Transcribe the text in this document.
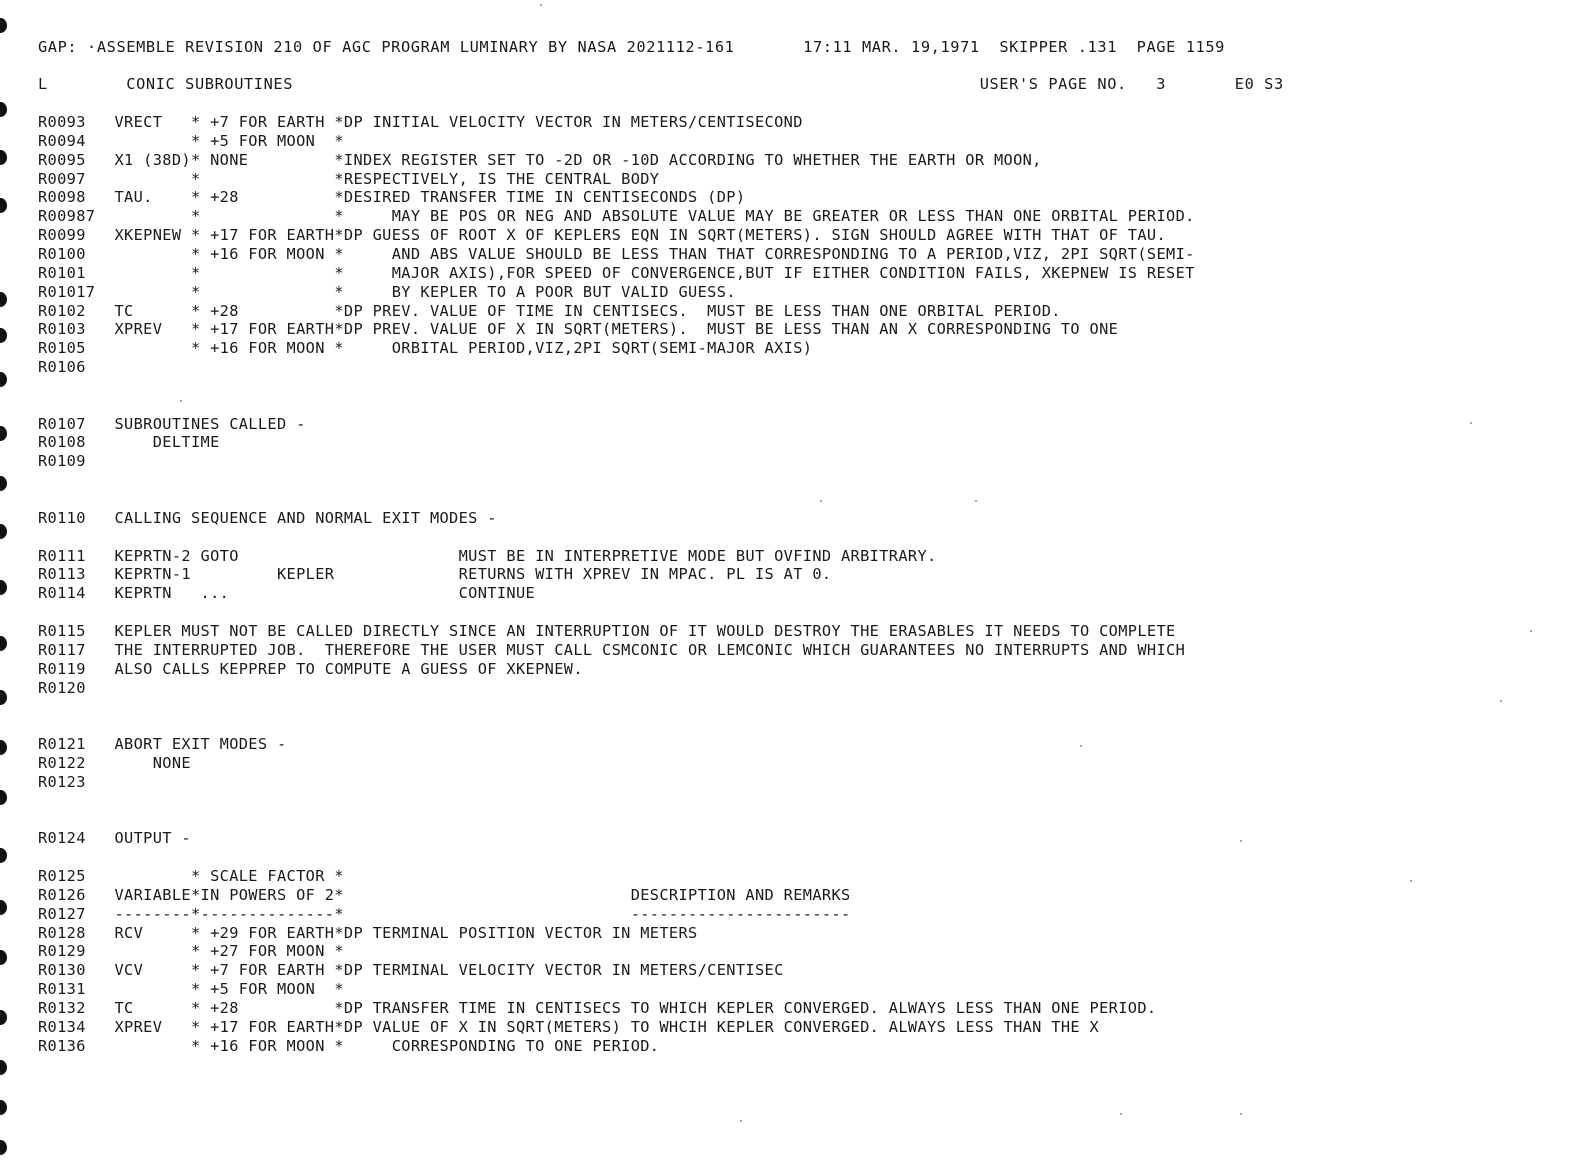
GAP: ·ASSEMBLE REVISION 210 OF AGC PROGRAM LUMINARY BY NASA 2021112-161       17:11 MAR. 19,1971  SKIPPER .131  PAGE 1159
L        CONIC SUBROUTINES                                                                      USER'S PAGE NO.   3       E0 S3
R0093   VRECT   * +7 FOR EARTH *DP INITIAL VELOCITY VECTOR IN METERS/CENTISECOND
R0094           * +5 FOR MOON  *
R0095   X1 (38D)* NONE         *INDEX REGISTER SET TO -2D OR -10D ACCORDING TO WHETHER THE EARTH OR MOON,
R0097           *              *RESPECTIVELY, IS THE CENTRAL BODY
R0098   TAU.    * +28          *DESIRED TRANSFER TIME IN CENTISECONDS (DP)
R00987          *              *     MAY BE POS OR NEG AND ABSOLUTE VALUE MAY BE GREATER OR LESS THAN ONE ORBITAL PERIOD.
R0099   XKEPNEW * +17 FOR EARTH*DP GUESS OF ROOT X OF KEPLERS EQN IN SQRT(METERS). SIGN SHOULD AGREE WITH THAT OF TAU.
R0100           * +16 FOR MOON *     AND ABS VALUE SHOULD BE LESS THAN THAT CORRESPONDING TO A PERIOD,VIZ, 2PI SQRT(SEMI-
R0101           *              *     MAJOR AXIS),FOR SPEED OF CONVERGENCE,BUT IF EITHER CONDITION FAILS, XKEPNEW IS RESET
R01017          *              *     BY KEPLER TO A POOR BUT VALID GUESS.
R0102   TC      * +28          *DP PREV. VALUE OF TIME IN CENTISECS.  MUST BE LESS THAN ONE ORBITAL PERIOD.
R0103   XPREV   * +17 FOR EARTH*DP PREV. VALUE OF X IN SQRT(METERS).  MUST BE LESS THAN AN X CORRESPONDING TO ONE
R0105           * +16 FOR MOON *     ORBITAL PERIOD,VIZ,2PI SQRT(SEMI-MAJOR AXIS)
R0106
R0107   SUBROUTINES CALLED -
R0108       DELTIME
R0109
R0110   CALLING SEQUENCE AND NORMAL EXIT MODES -
R0111   KEPRTN-2 GOTO                       MUST BE IN INTERPRETIVE MODE BUT OVFIND ARBITRARY.
R0113   KEPRTN-1         KEPLER             RETURNS WITH XPREV IN MPAC. PL IS AT 0.
R0114   KEPRTN   ...                        CONTINUE
R0115   KEPLER MUST NOT BE CALLED DIRECTLY SINCE AN INTERRUPTION OF IT WOULD DESTROY THE ERASABLES IT NEEDS TO COMPLETE
R0117   THE INTERRUPTED JOB.  THEREFORE THE USER MUST CALL CSMCONIC OR LEMCONIC WHICH GUARANTEES NO INTERRUPTS AND WHICH
R0119   ALSO CALLS KEPPREP TO COMPUTE A GUESS OF XKEPNEW.
R0120
R0121   ABORT EXIT MODES -
R0122       NONE
R0123
R0124   OUTPUT -
R0125           * SCALE FACTOR *
R0126   VARIABLE*IN POWERS OF 2*                              DESCRIPTION AND REMARKS
R0127   --------*--------------*                              -----------------------
R0128   RCV     * +29 FOR EARTH*DP TERMINAL POSITION VECTOR IN METERS
R0129           * +27 FOR MOON *
R0130   VCV     * +7 FOR EARTH *DP TERMINAL VELOCITY VECTOR IN METERS/CENTISEC
R0131           * +5 FOR MOON  *
R0132   TC      * +28          *DP TRANSFER TIME IN CENTISECS TO WHICH KEPLER CONVERGED. ALWAYS LESS THAN ONE PERIOD.
R0134   XPREV   * +17 FOR EARTH*DP VALUE OF X IN SQRT(METERS) TO WHCIH KEPLER CONVERGED. ALWAYS LESS THAN THE X
R0136           * +16 FOR MOON *     CORRESPONDING TO ONE PERIOD.
